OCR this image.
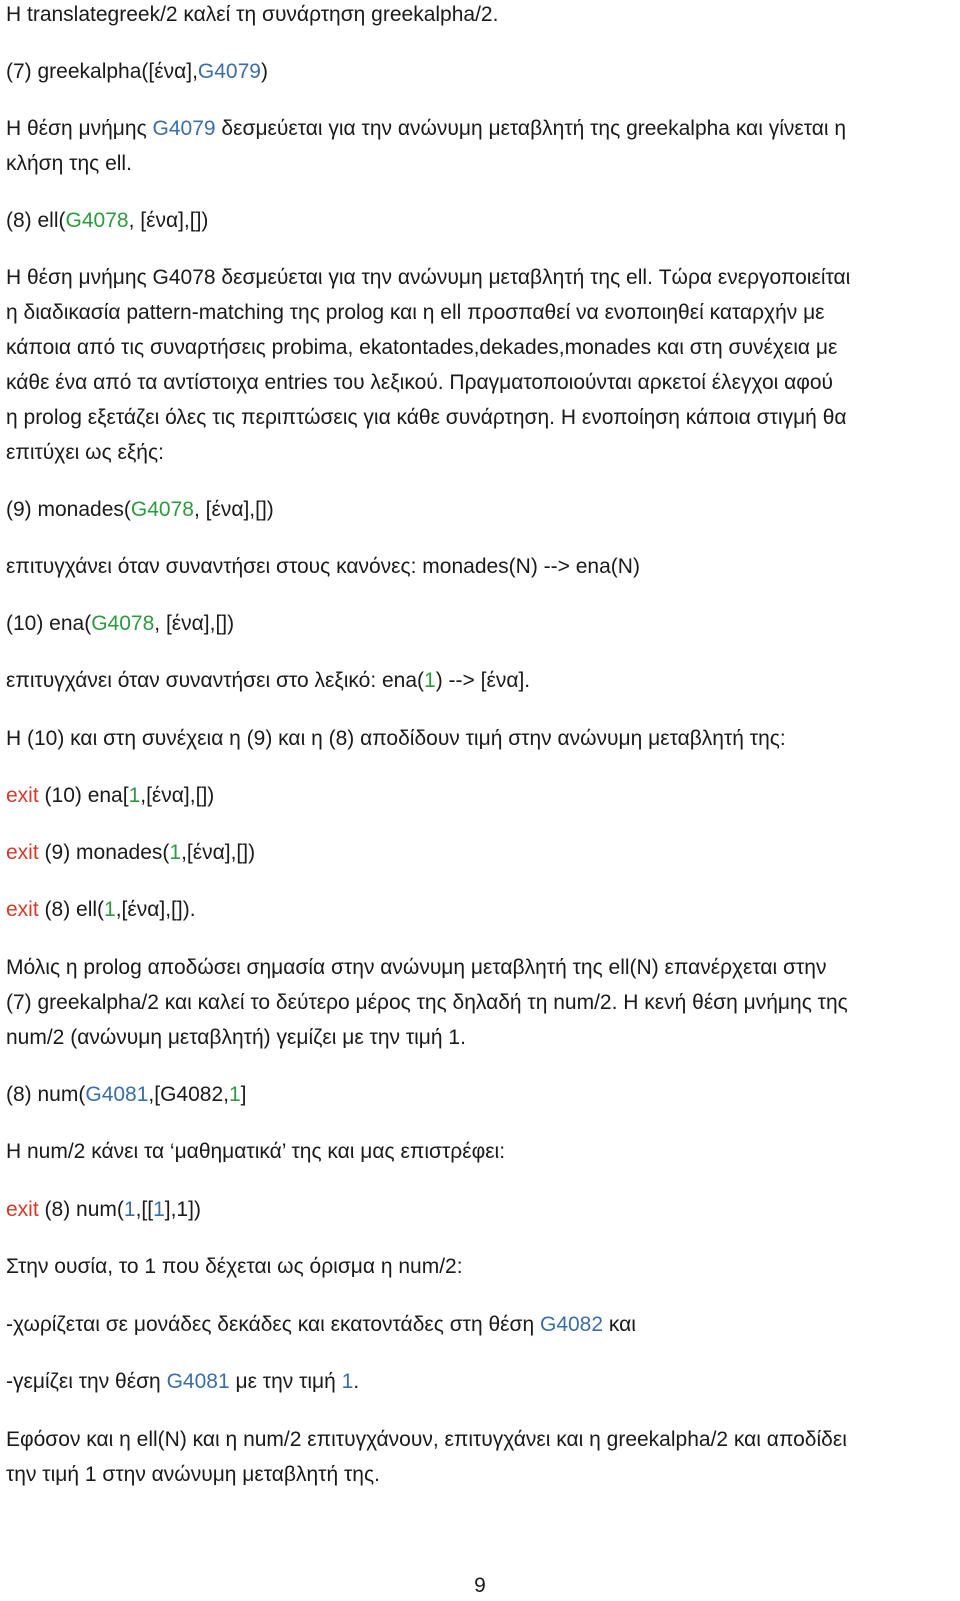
Η translategreek/2 καλεί τη συνάρτηση greekalpha/2.
(7) greekalpha([ένα],G4079)
Η θέση μνήμης G4079 δεσμεύεται για την ανώνυμη μεταβλητή της greekalpha και γίνεται η
κλήση της ell.
(8) ell(G4078, [ένα],[])
Η θέση μνήμης G4078 δεσμεύεται για την ανώνυμη μεταβλητή της ell. Τώρα ενεργοποιείται
η διαδικασία pattern-matching της prolog και η ell προσπαθεί να ενοποιηθεί καταρχήν με
κάποια από τις συναρτήσεις probima, ekatontades,dekades,monades και στη συνέχεια με
κάθε ένα από τα αντίστοιχα entries του λεξικού. Πραγματοποιούνται αρκετοί έλεγχοι αφού
η prolog εξετάζει όλες τις περιπτώσεις για κάθε συνάρτηση. Η ενοποίηση κάποια στιγμή θα
επιτύχει ως εξής:
(9) monades(G4078, [ένα],[])
επιτυγχάνει όταν συναντήσει στους κανόνες: monades(N) --> ena(N)
(10) ena(G4078, [ένα],[])
επιτυγχάνει όταν συναντήσει στο λεξικό: ena(1) --> [ένα].
Η (10) και στη συνέχεια η (9) και η (8) αποδίδουν τιμή στην ανώνυμη μεταβλητή της:
exit (10) ena[1,[ένα],[])
exit (9) monades(1,[ένα],[])
exit (8) ell(1,[ένα],[]).
Μόλις η prolog αποδώσει σημασία στην ανώνυμη μεταβλητή της ell(N) επανέρχεται στην
(7) greekalpha/2 και καλεί το δεύτερο μέρος της δηλαδή τη num/2. Η κενή θέση μνήμης της
num/2 (ανώνυμη μεταβλητή) γεμίζει με την τιμή 1.
(8) num(G4081,[G4082,1]
Η num/2 κάνει τα ‘μαθηματικά’ της και μας επιστρέφει:
exit (8) num(1,[[1],1])
Στην ουσία, το 1 που δέχεται ως όρισμα η num/2:
-χωρίζεται σε μονάδες δεκάδες και εκατοντάδες στη θέση G4082 και
-γεμίζει την θέση G4081 με την τιμή 1.
Εφόσον και η ell(N) και η num/2 επιτυγχάνουν, επιτυγχάνει και η greekalpha/2 και αποδίδει
την τιμή 1 στην ανώνυμη μεταβλητή της.
9
